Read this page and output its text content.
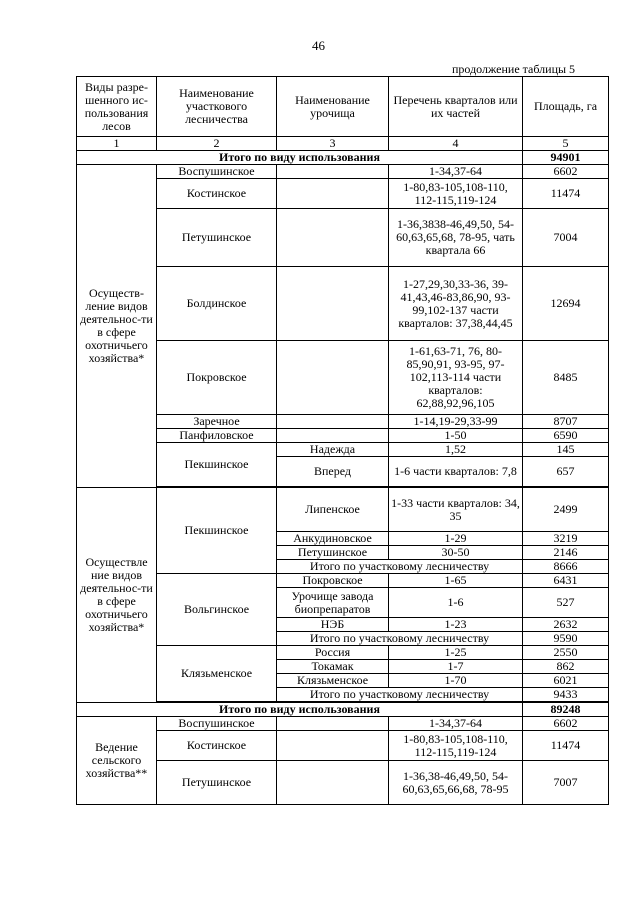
46
продолжение таблицы 5
Виды разре-шенного ис-пользования лесов	Наименование участкового лесничества	Наименование урочища	Перечень кварталов или их частей	Площадь, га
1	2	3	4	5
Итого по виду использования				94901
Осуществ-ление видов деятельнос-ти в сфере охотничьего хозяйства*	Воспушинское		1-34,37-64	6602
	Костинское		1-80,83-105,108-110, 112-115,119-124	11474
	Петушинское		1-36,3838-46,49,50, 54-60,63,65,68, 78-95, чать квартала 66	7004
	Болдинское		1-27,29,30,33-36, 39-41,43,46-83,86,90, 93-99,102-137 части кварталов: 37,38,44,45	12694
	Покровское		1-61,63-71, 76, 80-85,90,91, 93-95, 97-102,113-114 части кварталов: 62,88,92,96,105	8485
	Заречное		1-14,19-29,33-99	8707
	Панфиловское		1-50	6590
	Пекшинское	Надежда	1,52	145
		Вперед	1-6 части кварталов: 7,8	657

Осуществле ние видов деятельнос-ти в сфере охотничьего хозяйства*	Пекшинское	Липенское	1-33 части кварталов: 34, 35	2499
		Анкудиновское	1-29	3219
		Петушинское	30-50	2146
		Итого по участковому лесничеству		8666
	Вольгинское	Покровское	1-65	6431
		Урочище завода биопрепаратов	1-6	527
		НЭБ	1-23	2632
		Итого по участковому лесничеству		9590
	Клязьменское	Россия	1-25	2550
		Токамак	1-7	862
		Клязьменское	1-70	6021
		Итого по участковому лесничеству		9433

Итого по виду использования				89248
Ведение сельского хозяйства**	Воспушинское		1-34,37-64	6602
	Костинское		1-80,83-105,108-110, 112-115,119-124	11474
	Петушинское		1-36,38-46,49,50, 54-60,63,65,66,68, 78-95	7007
